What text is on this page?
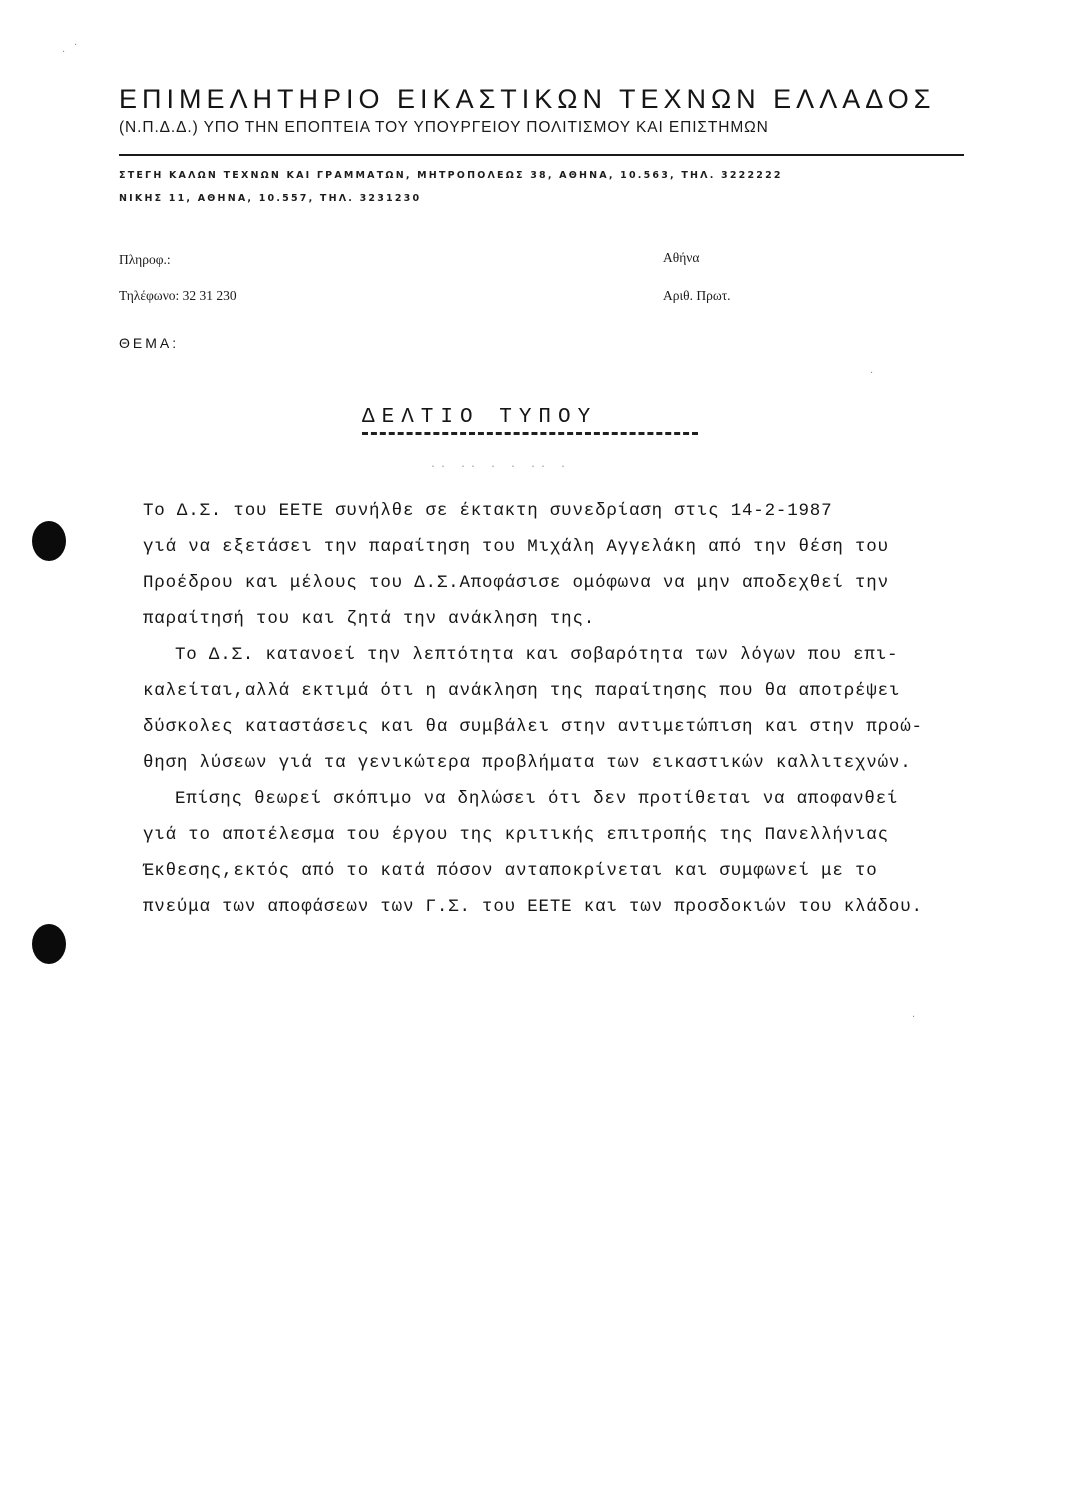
ΕΠΙΜΕΛΗΤΗΡΙΟ ΕΙΚΑΣΤΙΚΩΝ ΤΕΧΝΩΝ ΕΛΛΑΔΟΣ
(Ν.Π.Δ.Δ.) ΥΠΟ ΤΗΝ ΕΠΟΠΤΕΙΑ ΤΟΥ ΥΠΟΥΡΓΕΙΟΥ ΠΟΛΙΤΙΣΜΟΥ ΚΑΙ ΕΠΙΣΤΗΜΩΝ
ΣΤΕΓΗ ΚΑΛΩΝ ΤΕΧΝΩΝ ΚΑΙ ΓΡΑΜΜΑΤΩΝ, ΜΗΤΡΟΠΟΛΕΩΣ 38, ΑΘΗΝΑ, 10.563, ΤΗΛ. 3222222
ΝΙΚΗΣ 11, ΑΘΗΝΑ, 10.557, ΤΗΛ. 3231230
Πληροφ.:
Τηλέφωνο: 32 31 230
Αθήνα
Αριθ. Πρωτ.
ΘΕΜΑ:
ΔΕΛΤΙΟ ΤΥΠΟΥ
·· ·· · · ·· ·

Το Δ.Σ. του ΕΕΤΕ συνήλθε σε έκτακτη συνεδρίαση στις 14-2-1987
γιά να εξετάσει την παραίτηση του Μιχάλη Αγγελάκη από την θέση του
Προέδρου και μέλους του Δ.Σ.Αποφάσισε ομόφωνα να μην αποδεχθεί την
παραίτησή του και ζητά την ανάκληση της.

Το Δ.Σ. κατανοεί την λεπτότητα και σοβαρότητα των λόγων που επι-
καλείται,αλλά εκτιμά ότι η ανάκληση της παραίτησης που θα αποτρέψει
δύσκολες καταστάσεις και θα συμβάλει στην αντιμετώπιση και στην προώ-
θηση λύσεων γιά τα γενικώτερα προβλήματα των εικαστικών καλλιτεχνών.

Επίσης θεωρεί σκόπιμο να δηλώσει ότι δεν προτίθεται να αποφανθεί
γιά το αποτέλεσμα του έργου της κριτικής επιτροπής της Πανελλήνιας
Έκθεσης,εκτός από το κατά πόσον ανταποκρίνεται και συμφωνεί με το
πνεύμα των αποφάσεων των Γ.Σ. του ΕΕΤΕ και των προσδοκιών του κλάδου.

. ·
·
·
